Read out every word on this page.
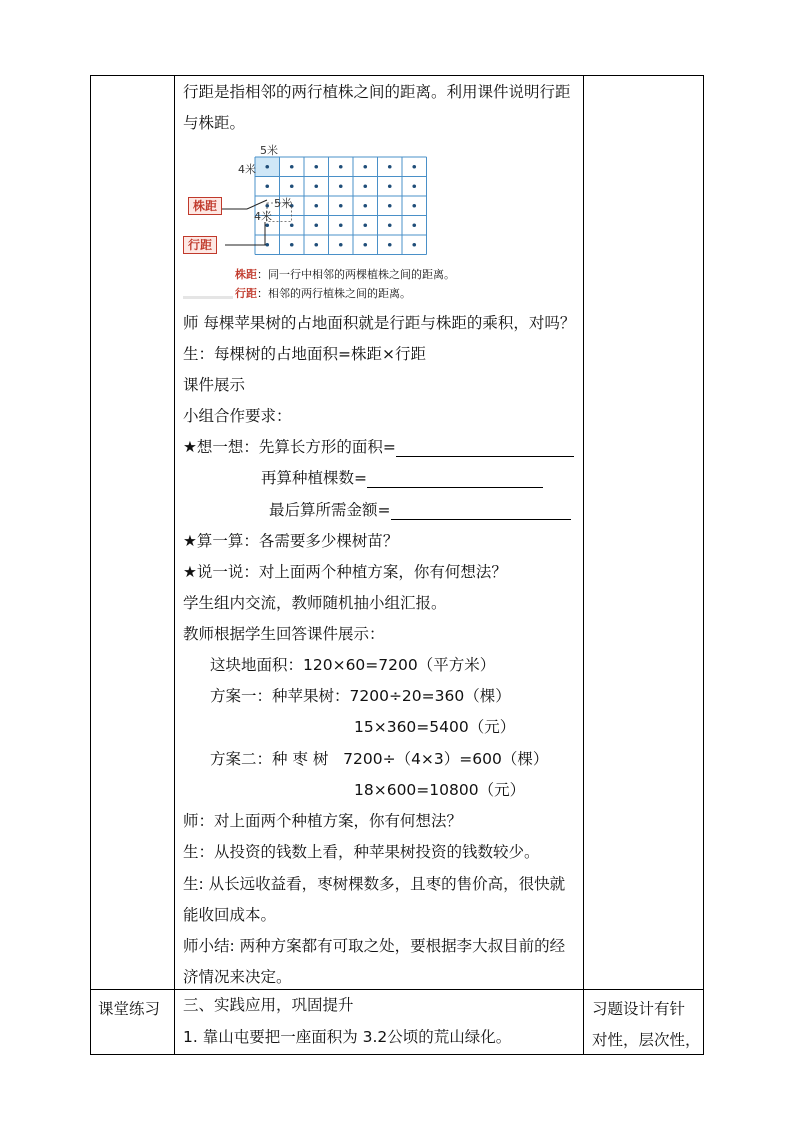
行距是指相邻的两行植株之间的距离。利用课件说明行距
与株距。
5米
4米
5米
4米
株距
行距
株距：同一行中相邻的两棵植株之间的距离。
行距：相邻的两行植株之间的距离。
师 每棵苹果树的占地面积就是行距与株距的乘积，对吗？
生：每棵树的占地面积=株距×行距
课件展示
小组合作要求：
★想一想：先算长方形的面积=
再算种植棵数=
最后算所需金额=
★算一算：各需要多少棵树苗？
★说一说：对上面两个种植方案，你有何想法？
学生组内交流，教师随机抽小组汇报。
教师根据学生回答课件展示：
这块地面积：120×60=7200（平方米）
方案一：种苹果树：7200÷20=360（棵）
15×360=5400（元）
方案二：种 枣 树   7200÷（4×3）=600（棵）
18×600=10800（元）
师：对上面两个种植方案，你有何想法？
生：从投资的钱数上看，种苹果树投资的钱数较少。
生: 从长远收益看，枣树棵数多，且枣的售价高，很快就
能收回成本。
师小结: 两种方案都有可取之处，要根据李大叔目前的经
济情况来决定。
课堂练习 三、实践应用，巩固提升
1. 靠山屯要把一座面积为 3.2公顷的荒山绿化。
习题设计有针
对性，层次性，
